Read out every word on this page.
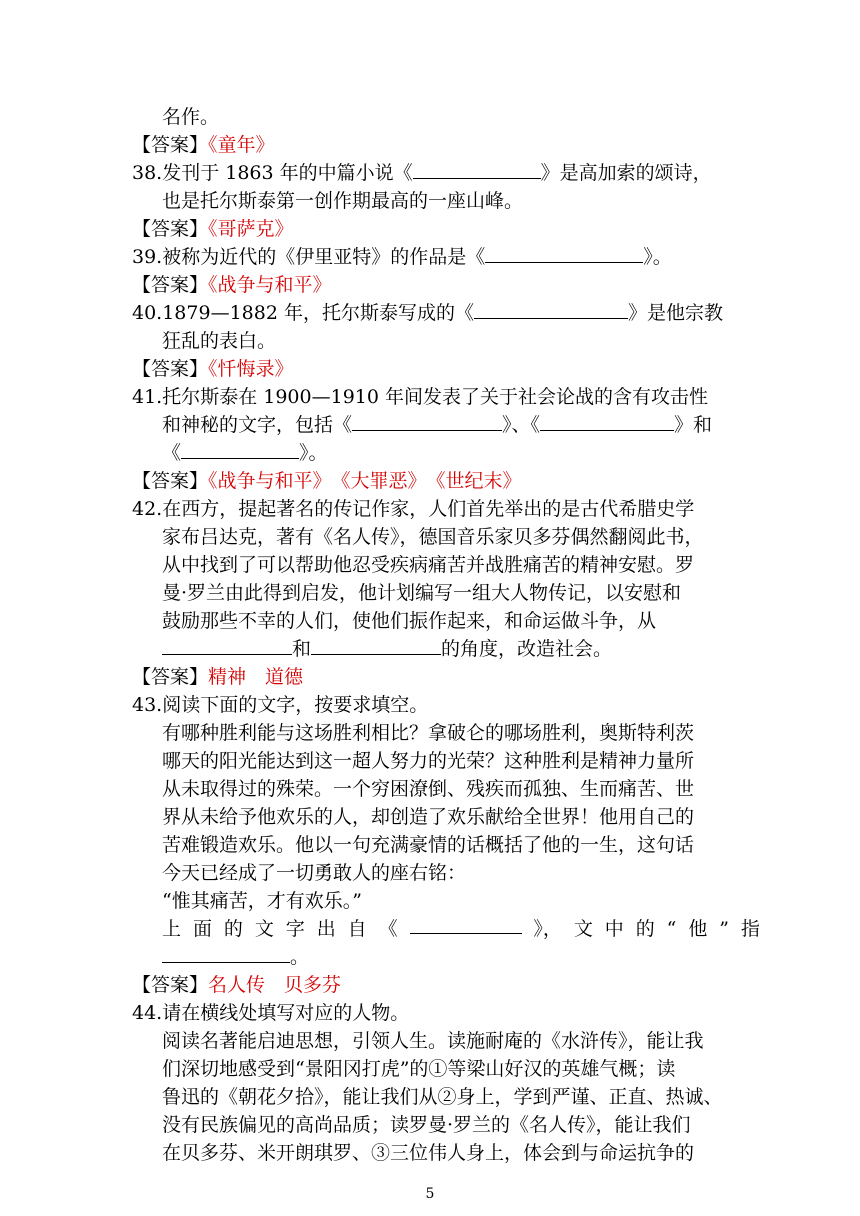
名作。
【答案】《童年》
38.发刊于 1863 年的中篇小说《	》是高加索的颂诗，
也是托尔斯泰第一创作期最高的一座山峰。
【答案】《哥萨克》
39.被称为近代的《伊里亚特》的作品是《	》。
【答案】《战争与和平》
40.1879—1882 年，托尔斯泰写成的《	》是他宗教
狂乱的表白。
【答案】《忏悔录》
41.托尔斯泰在 1900—1910 年间发表了关于社会论战的含有攻击性
和神秘的文字，包括《	》、《	》和
《	》。
【答案】《战争与和平》　《大罪恶》　《世纪末》
42.在西方，提起著名的传记作家，人们首先举出的是古代希腊史学
家布吕达克，著有《名人传》，德国音乐家贝多芬偶然翻阅此书，
从中找到了可以帮助他忍受疾病痛苦并战胜痛苦的精神安慰。罗
曼·罗兰由此得到启发，他计划编写一组大人物传记，以安慰和
鼓励那些不幸的人们，使他们振作起来，和命运做斗争，从
和	的角度，改造社会。
【答案】精神　道德
43.阅读下面的文字，按要求填空。
有哪种胜利能与这场胜利相比？拿破仑的哪场胜利，奥斯特利茨
哪天的阳光能达到这一超人努力的光荣？这种胜利是精神力量所
从未取得过的殊荣。一个穷困潦倒、残疾而孤独、生而痛苦、世
界从未给予他欢乐的人，却创造了欢乐献给全世界！他用自己的
苦难锻造欢乐。他以一句充满豪情的话概括了他的一生，这句话
今天已经成了一切勇敢人的座右铭：
“惟其痛苦，才有欢乐。”
上 面 的 文 字 出 自 《	》， 文 中 的 “ 他 ” 指
。
【答案】名人传　贝多芬
44.请在横线处填写对应的人物。
阅读名著能启迪思想，引领人生。读施耐庵的《水浒传》，能让我
们深切地感受到“景阳冈打虎”的①等梁山好汉的英雄气概；读
鲁迅的《朝花夕拾》，能让我们从②身上，学到严谨、正直、热诚、
没有民族偏见的高尚品质；读罗曼·罗兰的《名人传》，能让我们
在贝多芬、米开朗琪罗、③三位伟人身上，体会到与命运抗争的
5
